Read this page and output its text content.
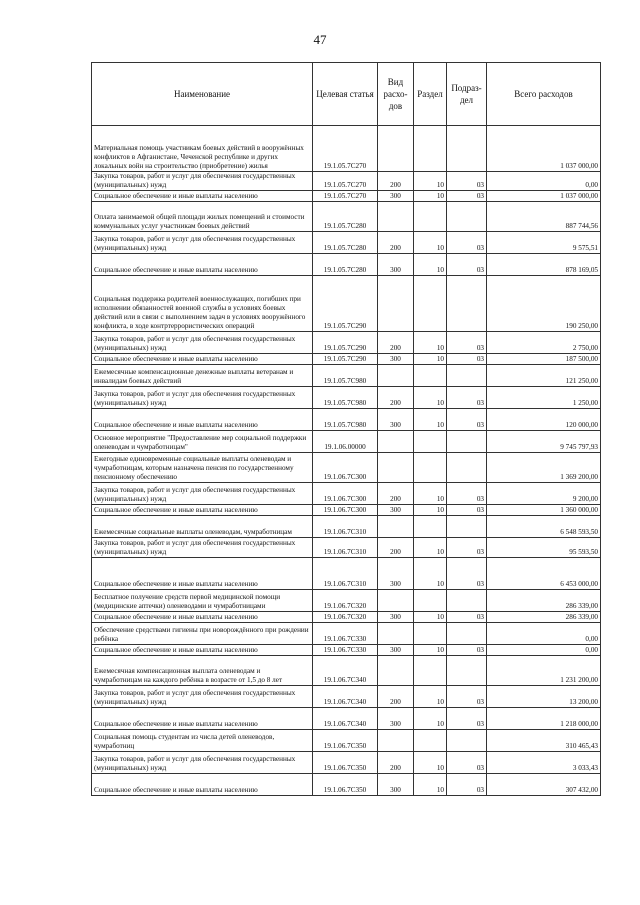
47
Наименование	Целевая статья	Вид расхо-дов	Раздел	Подраз-дел	Всего расходов
Материальная помощь участникам боевых действий в вооружённых конфликтов в Афганистане, Чеченской республике и других локальных войн на строительство (приобретение) жилья	19.1.05.7С270				1 037 000,00
Закупка товаров, работ и услуг для обеспечения государственных (муниципальных) нужд	19.1.05.7С270	200	10	03	0,00
Социальное обеспечение и иные выплаты населению	19.1.05.7С270	300	10	03	1 037 000,00
Оплата занимаемой общей площади жилых помещений и стоимости коммунальных услуг участникам боевых действий	19.1.05.7С280				887 744,56
Закупка товаров, работ и услуг для обеспечения государственных (муниципальных) нужд	19.1.05.7С280	200	10	03	9 575,51
Социальное обеспечение и иные выплаты населению	19.1.05.7С280	300	10	03	878 169,05
Социальная поддержка родителей военнослужащих, погибших при исполнении обязанностей военной службы в условиях боевых действий или в связи с выполнением задач в условиях вооружённого конфликта, в ходе контртеррористических операций	19.1.05.7С290				190 250,00
Закупка товаров, работ и услуг для обеспечения государственных (муниципальных) нужд	19.1.05.7С290	200	10	03	2 750,00
Социальное обеспечение и иные выплаты населению	19.1.05.7С290	300	10	03	187 500,00
Ежемесячные компенсационные денежные выплаты ветеранам и инвалидам боевых действий	19.1.05.7С980				121 250,00
Закупка товаров, работ и услуг для обеспечения государственных (муниципальных) нужд	19.1.05.7С980	200	10	03	1 250,00
Социальное обеспечение и иные выплаты населению	19.1.05.7С980	300	10	03	120 000,00
Основное мероприятие "Предоставление мер социальной поддержки оленеводам и чумработницам"	19.1.06.00000				9 745 797,93
Ежегодные единовременные социальные выплаты оленеводам и чумработницам, которым назначена пенсия по государственному пенсионному обеспечению	19.1.06.7С300				1 369 200,00
Закупка товаров, работ и услуг для обеспечения государственных (муниципальных) нужд	19.1.06.7С300	200	10	03	9 200,00
Социальное обеспечение и иные выплаты населению	19.1.06.7С300	300	10	03	1 360 000,00
Ежемесячные социальные выплаты оленеводам, чумработницам	19.1.06.7С310				6 548 593,50
Закупка товаров, работ и услуг для обеспечения государственных (муниципальных) нужд	19.1.06.7С310	200	10	03	95 593,50
Социальное обеспечение и иные выплаты населению	19.1.06.7С310	300	10	03	6 453 000,00
Бесплатное получение средств первой медицинской помощи (медицинские аптечки) оленеводами и чумработницами	19.1.06.7С320				286 339,00
Социальное обеспечение и иные выплаты населению	19.1.06.7С320	300	10	03	286 339,00
Обеспечение средствами гигиены при новорождённого при рождении ребёнка	19.1.06.7С330				0,00
Социальное обеспечение и иные выплаты населению	19.1.06.7С330	300	10	03	0,00
Ежемесячная компенсационная выплата оленеводам и чумработницам на каждого ребёнка в возрасте от 1,5 до 8 лет	19.1.06.7С340				1 231 200,00
Закупка товаров, работ и услуг для обеспечения государственных (муниципальных) нужд	19.1.06.7С340	200	10	03	13 200,00
Социальное обеспечение и иные выплаты населению	19.1.06.7С340	300	10	03	1 218 000,00
Социальная помощь студентам из числа детей оленеводов, чумработниц	19.1.06.7С350				310 465,43
Закупка товаров, работ и услуг для обеспечения государственных (муниципальных) нужд	19.1.06.7С350	200	10	03	3 033,43
Социальное обеспечение и иные выплаты населению	19.1.06.7С350	300	10	03	307 432,00
